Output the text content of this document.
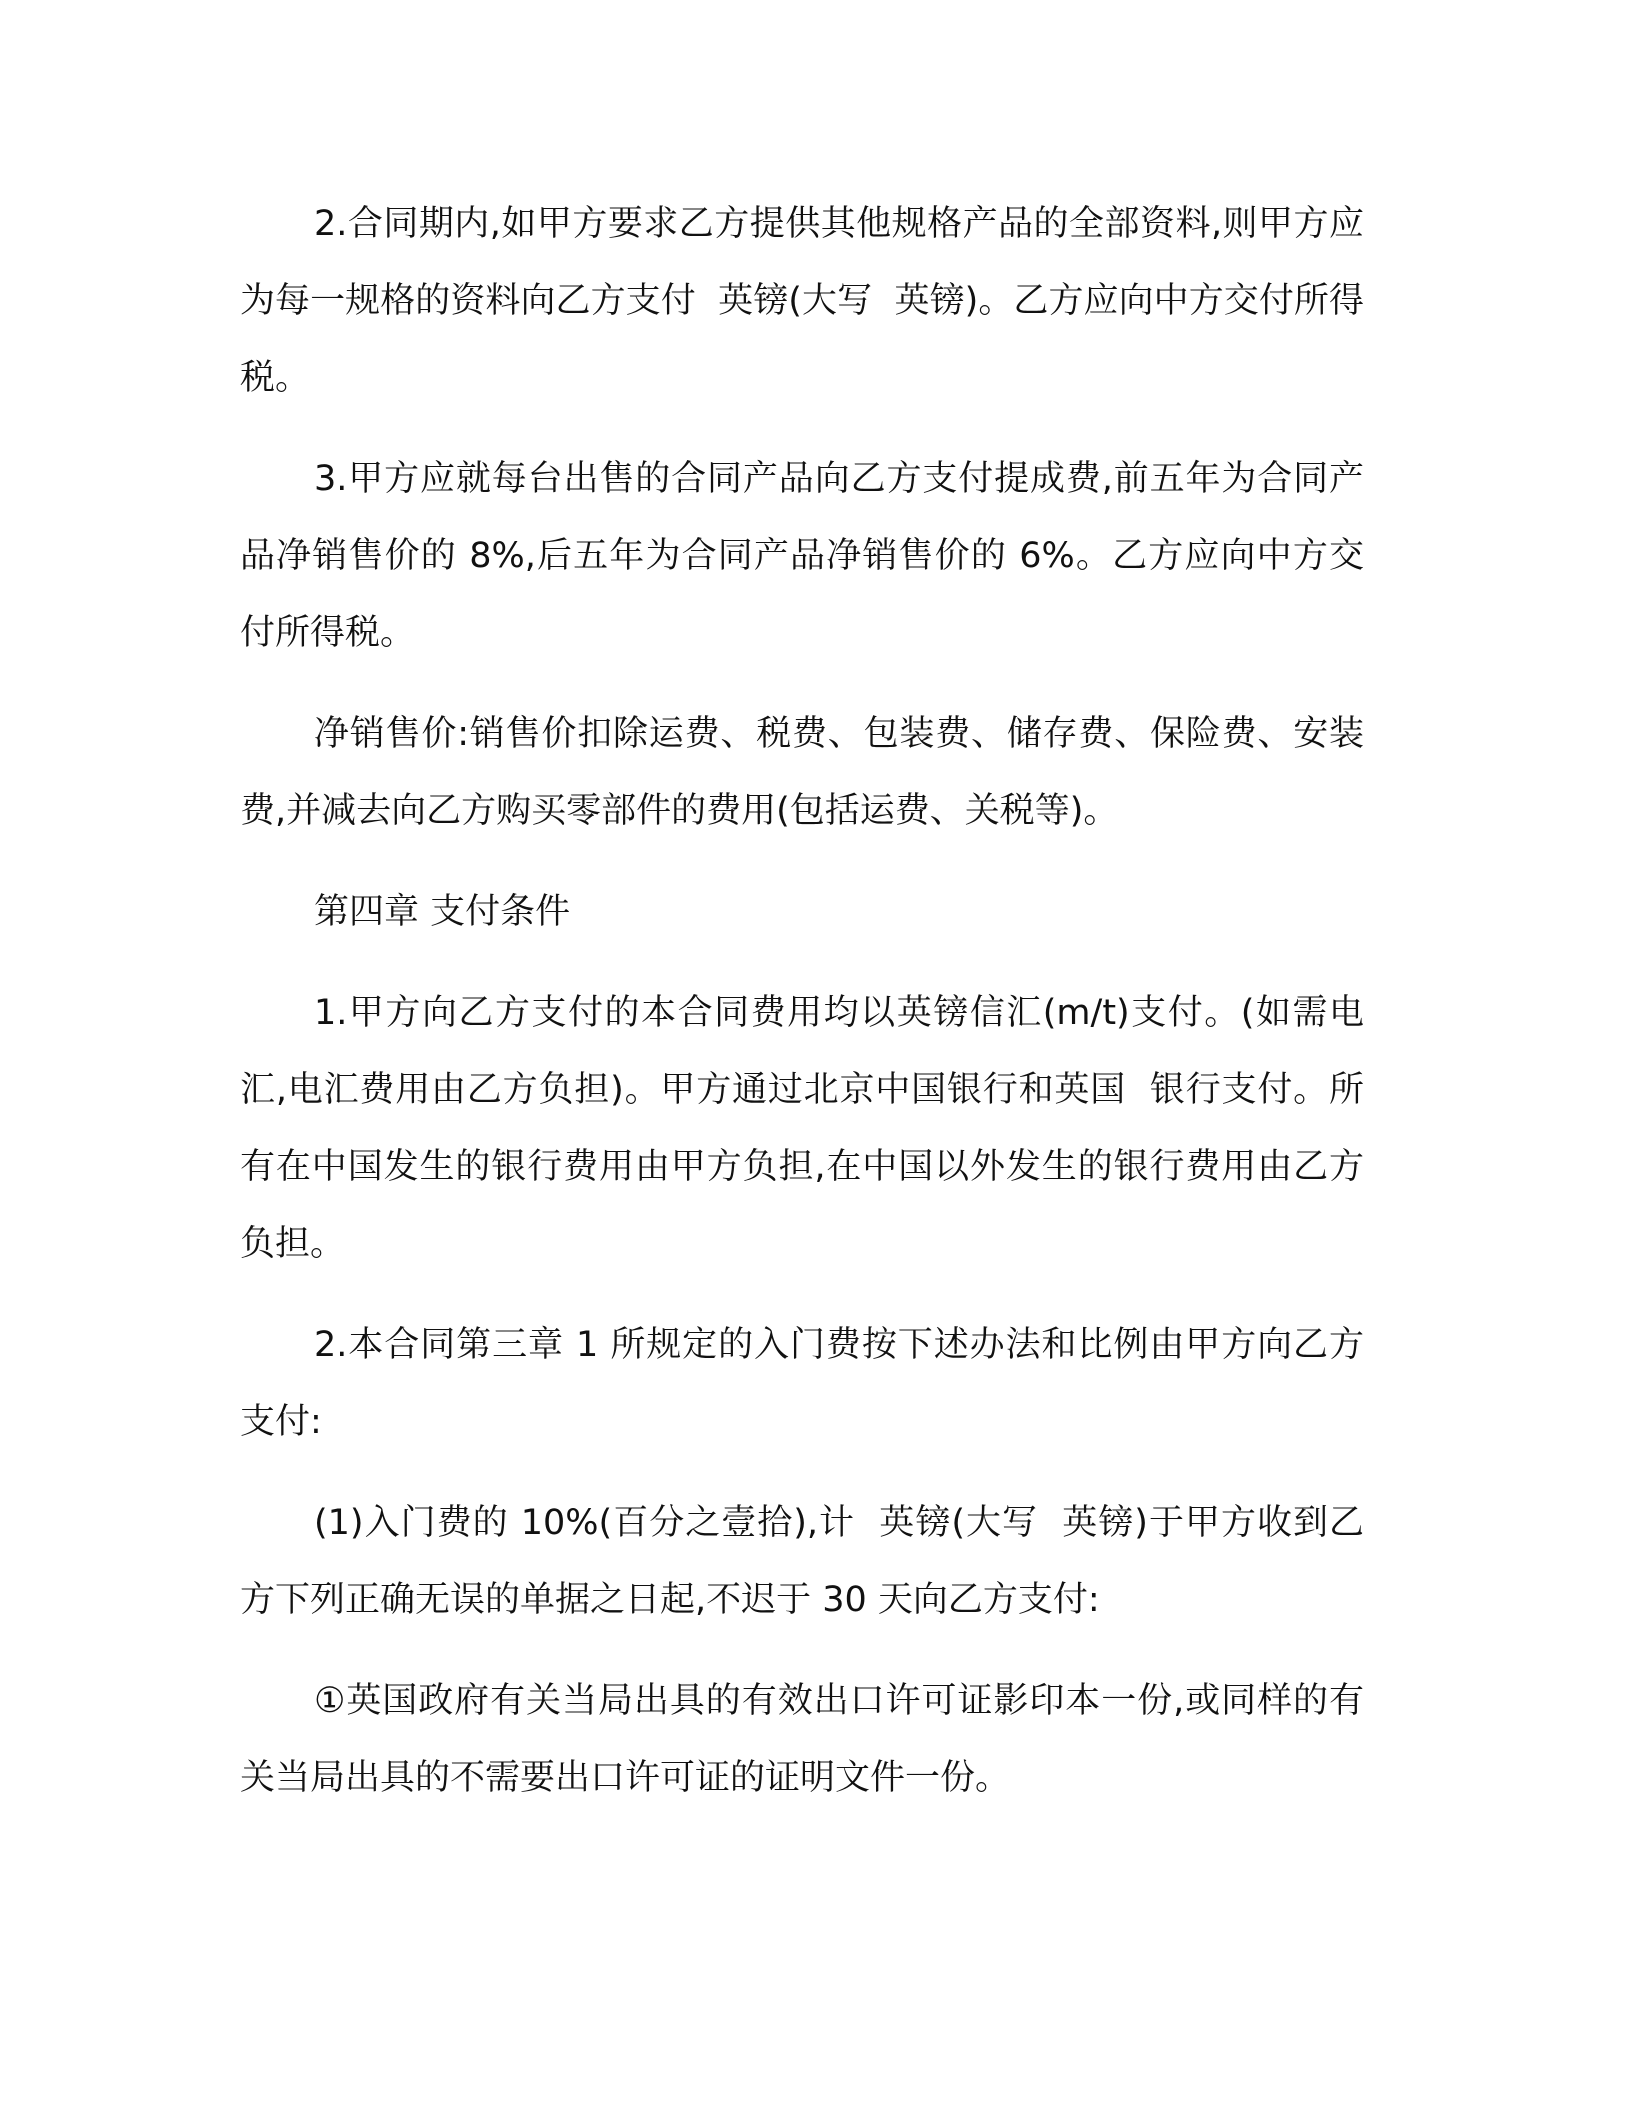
2.合同期内,如甲方要求乙方提供其他规格产品的全部资料,则甲方应为每一规格的资料向乙方支付  英镑(大写  英镑)。乙方应向中方交付所得税。

3.甲方应就每台出售的合同产品向乙方支付提成费,前五年为合同产品净销售价的 8%,后五年为合同产品净销售价的 6%。乙方应向中方交付所得税。

净销售价:销售价扣除运费、税费、包装费、储存费、保险费、安装费,并减去向乙方购买零部件的费用(包括运费、关税等)。

第四章 支付条件

1.甲方向乙方支付的本合同费用均以英镑信汇(m/t)支付。(如需电汇,电汇费用由乙方负担)。甲方通过北京中国银行和英国  银行支付。所有在中国发生的银行费用由甲方负担,在中国以外发生的银行费用由乙方负担。

2.本合同第三章 1 所规定的入门费按下述办法和比例由甲方向乙方支付:

(1)入门费的 10%(百分之壹拾),计  英镑(大写  英镑)于甲方收到乙方下列正确无误的单据之日起,不迟于 30 天向乙方支付:

①英国政府有关当局出具的有效出口许可证影印本一份,或同样的有关当局出具的不需要出口许可证的证明文件一份。
